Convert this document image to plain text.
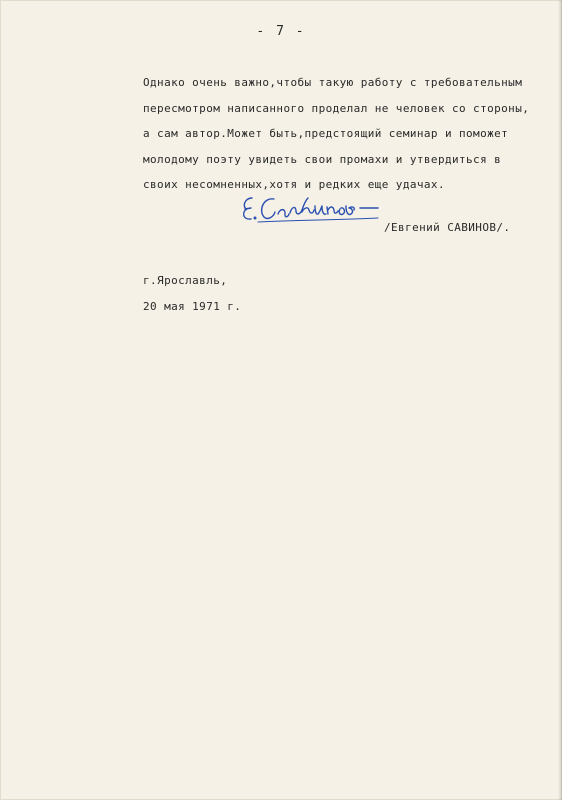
- 7 -
Однако очень важно,чтобы такую работу с требовательным
пересмотром написанного проделал не человек со стороны,
а сам автор.Может быть,предстоящий семинар и поможет
молодому поэту увидеть свои промахи и утвердиться в
своих несомненных,хотя и редких еще удачах.
/Евгений САВИНОВ/.
г.Ярославль,
20 мая 1971 г.
